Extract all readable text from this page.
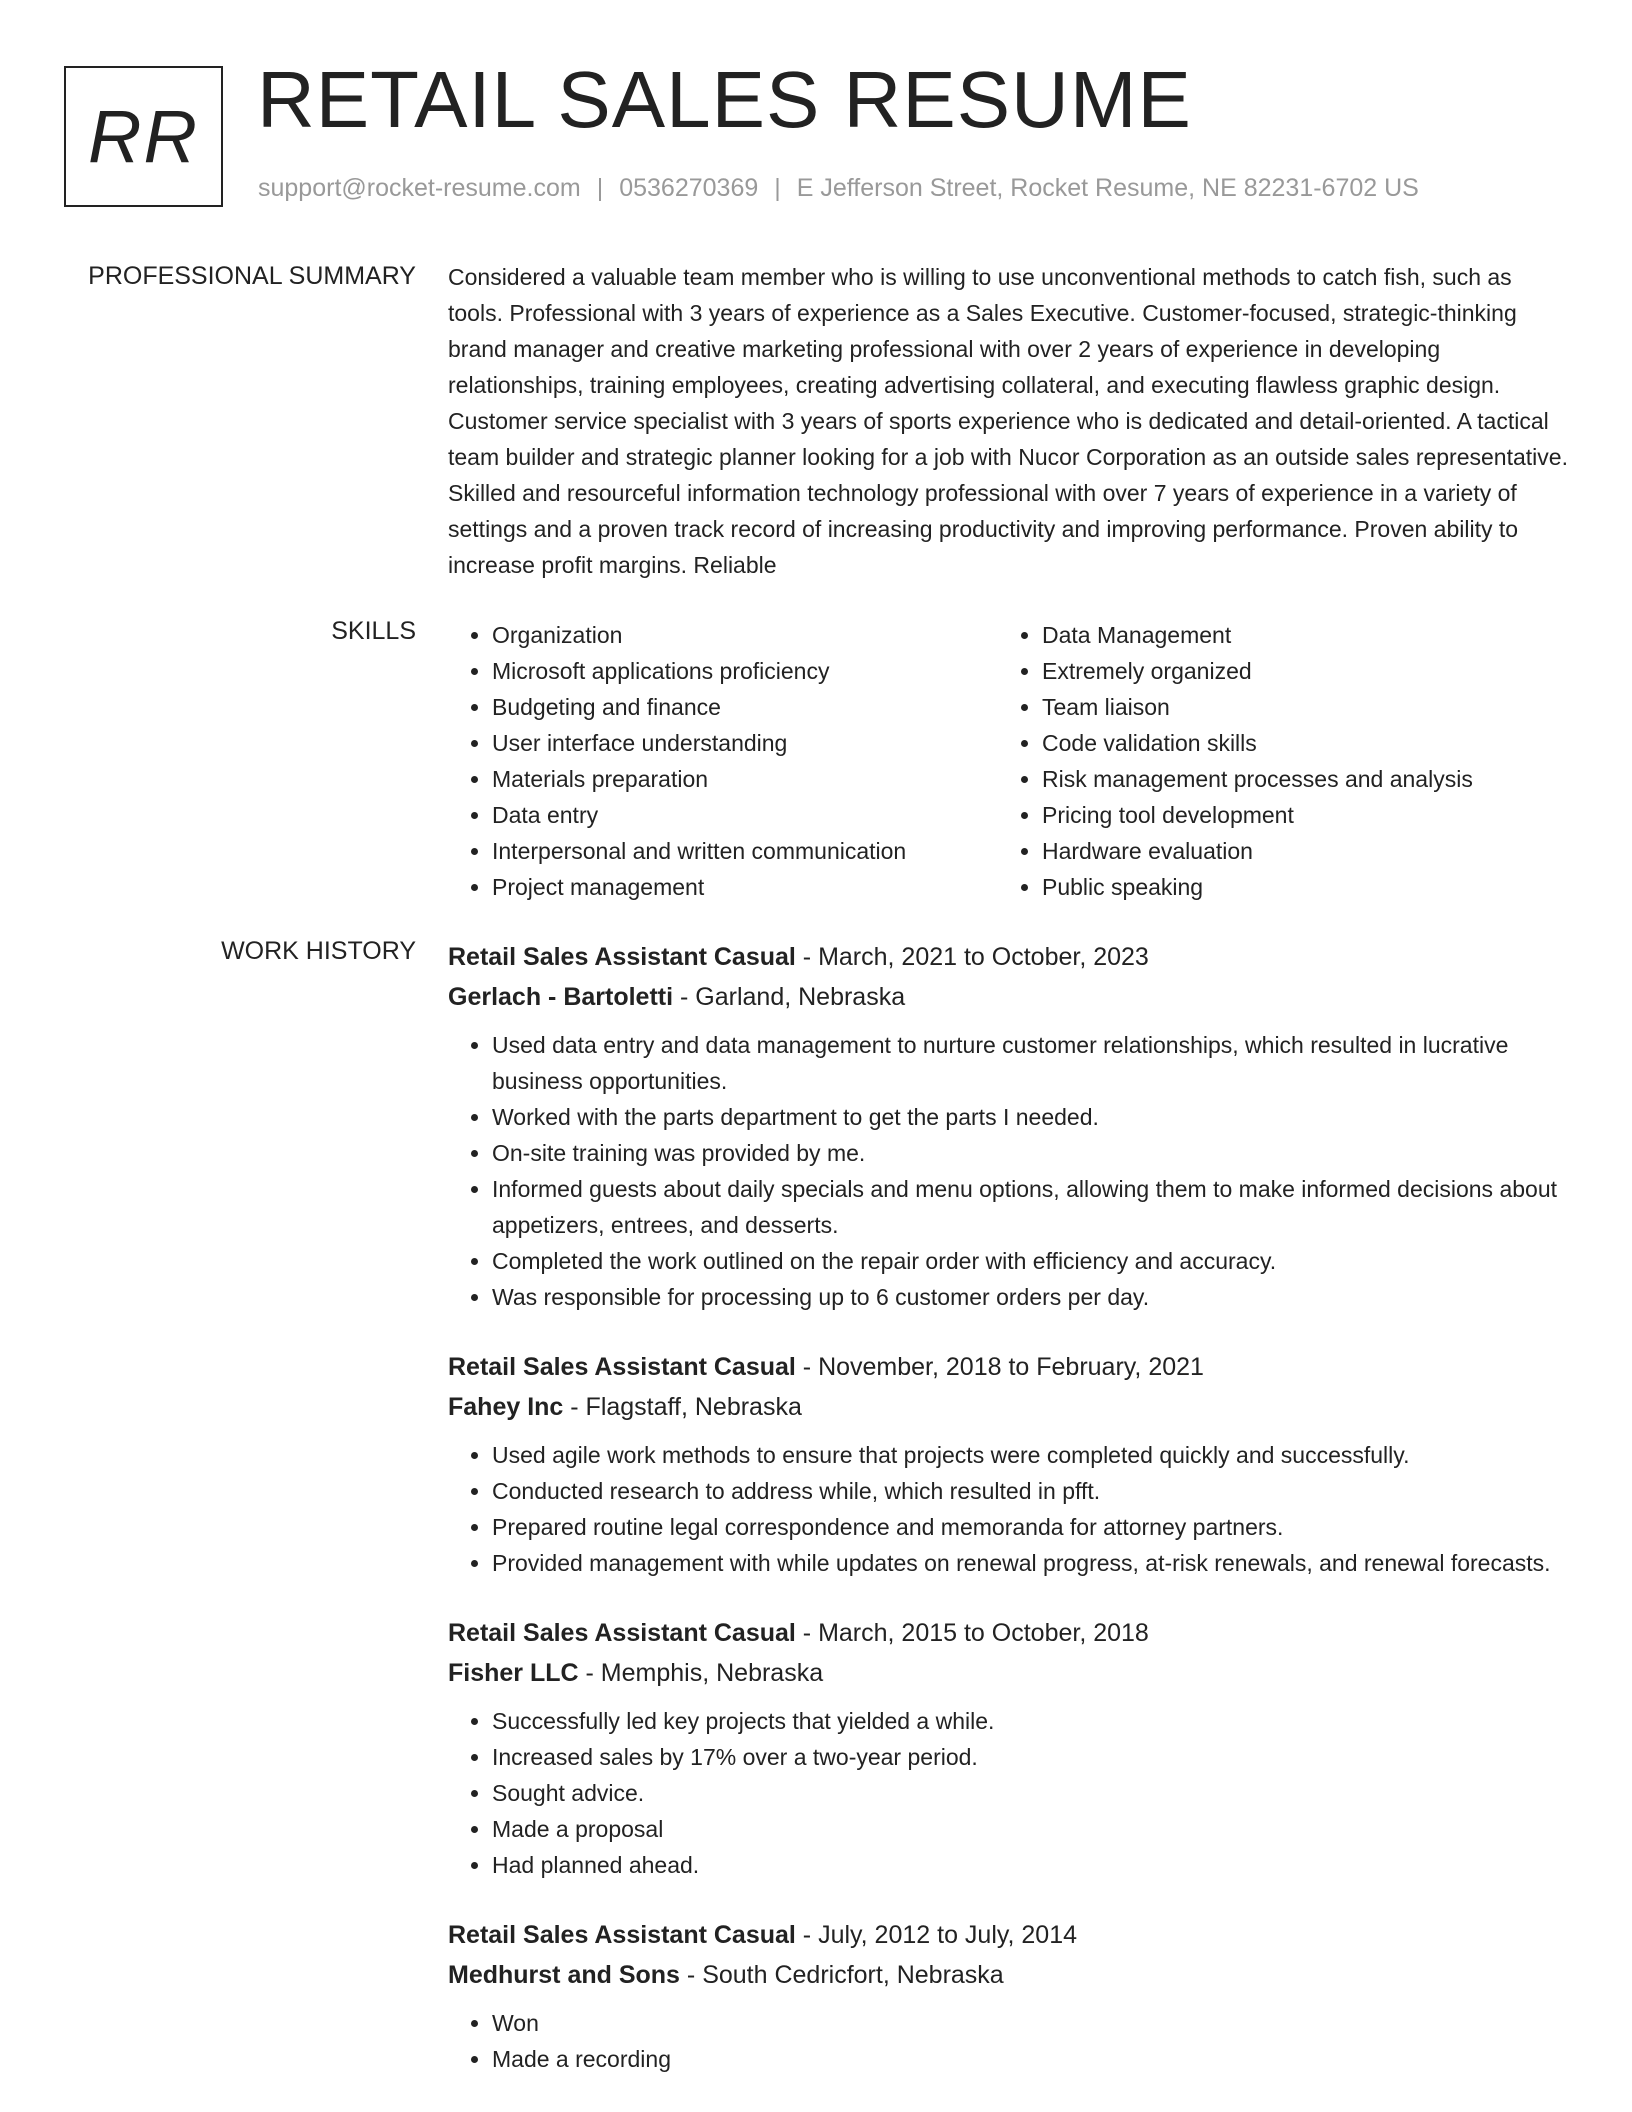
RR RETAIL SALES RESUME
support@rocket-resume.com | 0536270369 | E Jefferson Street, Rocket Resume, NE 82231-6702 US
PROFESSIONAL SUMMARY Considered a valuable team member who is willing to use unconventional methods to catch fish, such as tools. Professional with 3 years of experience as a Sales Executive. Customer-focused, strategic-thinking brand manager and creative marketing professional with over 2 years of experience in developing relationships, training employees, creating advertising collateral, and executing flawless graphic design. Customer service specialist with 3 years of sports experience who is dedicated and detail-oriented. A tactical team builder and strategic planner looking for a job with Nucor Corporation as an outside sales representative. Skilled and resourceful information technology professional with over 7 years of experience in a variety of settings and a proven track record of increasing productivity and improving performance. Proven ability to increase profit margins. Reliable

SKILLS
•	Organization
• Microsoft applications proficiency
• Budgeting and finance
• User interface understanding
• Materials preparation
• Data entry
• Interpersonal and written communication
• Project management
• Data Management
• Extremely organized
• Team liaison
• Code validation skills
• Risk management processes and analysis
• Pricing tool development
• Hardware evaluation
• Public speaking
WORK HISTORY Retail Sales Assistant Casual - March, 2021 to October, 2023
Gerlach - Bartoletti - Garland, Nebraska
• Used data entry and data management to nurture customer relationships, which resulted in lucrative business opportunities.
• Worked with the parts department to get the parts I needed.
• On-site training was provided by me.
• Informed guests about daily specials and menu options, allowing them to make informed decisions about appetizers, entrees, and desserts.
• Completed the work outlined on the repair order with efficiency and accuracy.
• Was responsible for processing up to 6 customer orders per day.
Retail Sales Assistant Casual - November, 2018 to February, 2021
Fahey Inc - Flagstaff, Nebraska
• Used agile work methods to ensure that projects were completed quickly and successfully.
• Conducted research to address while, which resulted in pfft.
• Prepared routine legal correspondence and memoranda for attorney partners.
• Provided management with while updates on renewal progress, at-risk renewals, and renewal forecasts.
Retail Sales Assistant Casual - March, 2015 to October, 2018
Fisher LLC - Memphis, Nebraska
• Successfully led key projects that yielded a while.
• Increased sales by 17% over a two-year period.
• Sought advice.
• Made a proposal
• Had planned ahead.
Retail Sales Assistant Casual - July, 2012 to July, 2014
Medhurst and Sons - South Cedricfort, Nebraska
• Won
• Made a recording
